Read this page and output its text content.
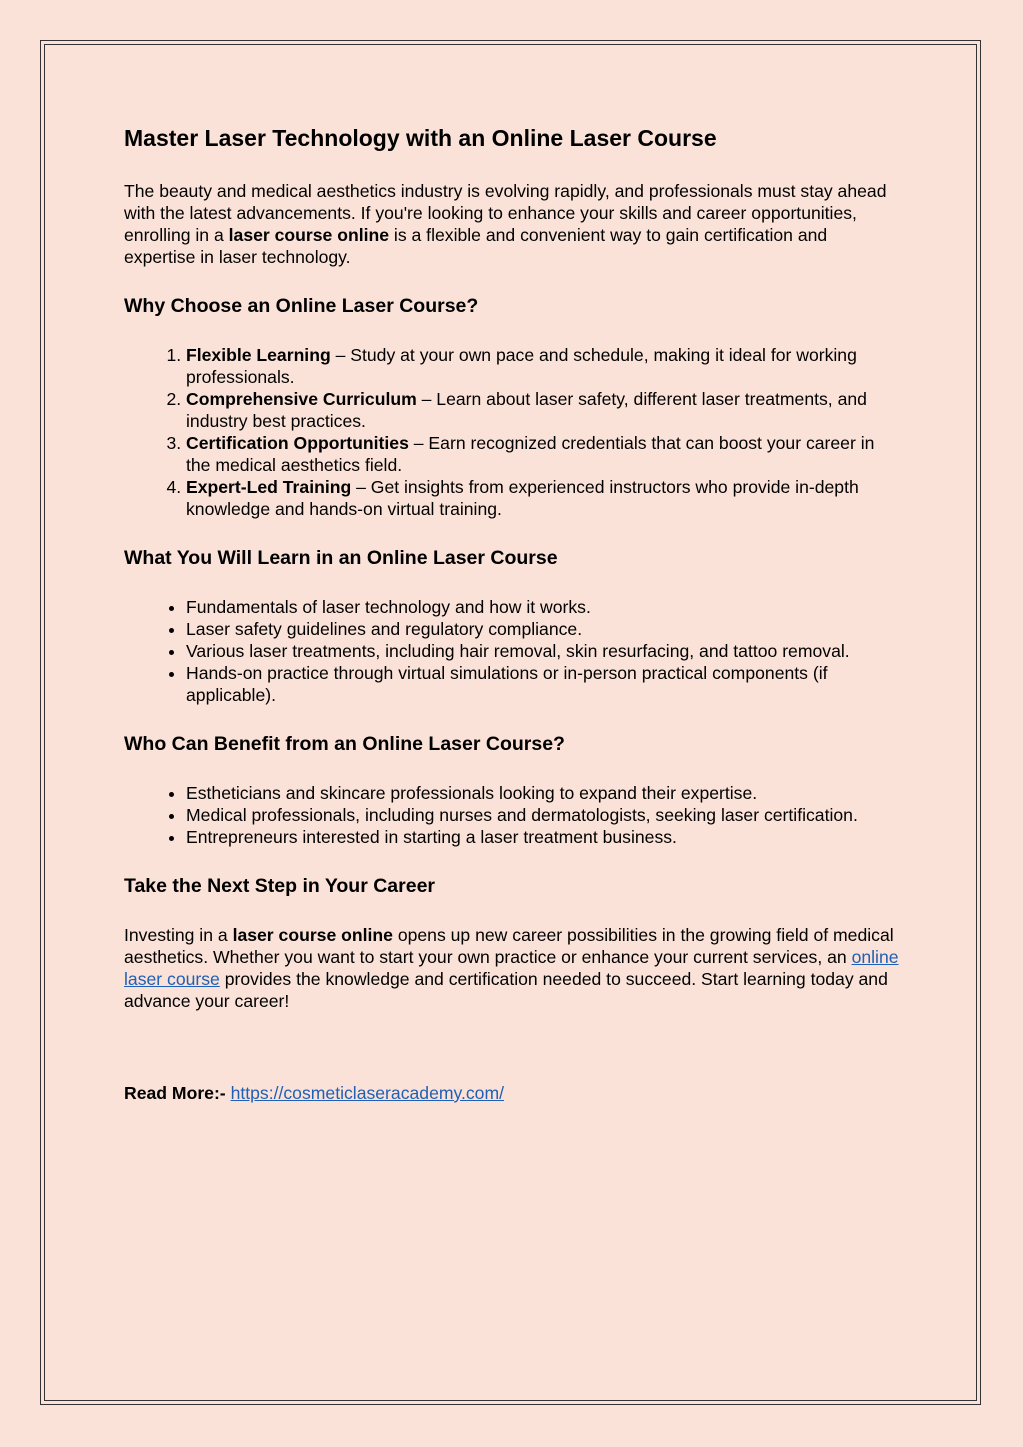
Master Laser Technology with an Online Laser Course

The beauty and medical aesthetics industry is evolving rapidly, and professionals must stay ahead with the latest advancements. If you're looking to enhance your skills and career opportunities, enrolling in a laser course online is a flexible and convenient way to gain certification and expertise in laser technology.

Why Choose an Online Laser Course?
1. Flexible Learning – Study at your own pace and schedule, making it ideal for working professionals.
2. Comprehensive Curriculum – Learn about laser safety, different laser treatments, and industry best practices.
3. Certification Opportunities – Earn recognized credentials that can boost your career in the medical aesthetics field.
4. Expert-Led Training – Get insights from experienced instructors who provide in-depth knowledge and hands-on virtual training.
What You Will Learn in an Online Laser Course
• Fundamentals of laser technology and how it works.
• Laser safety guidelines and regulatory compliance.
• Various laser treatments, including hair removal, skin resurfacing, and tattoo removal.
• Hands-on practice through virtual simulations or in-person practical components (if applicable).
Who Can Benefit from an Online Laser Course?
• Estheticians and skincare professionals looking to expand their expertise.
• Medical professionals, including nurses and dermatologists, seeking laser certification.
• Entrepreneurs interested in starting a laser treatment business.
Take the Next Step in Your Career

Investing in a laser course online opens up new career possibilities in the growing field of medical aesthetics. Whether you want to start your own practice or enhance your current services, an online laser course provides the knowledge and certification needed to succeed. Start learning today and advance your career!

Read More:- https://cosmeticlaseracademy.com/
